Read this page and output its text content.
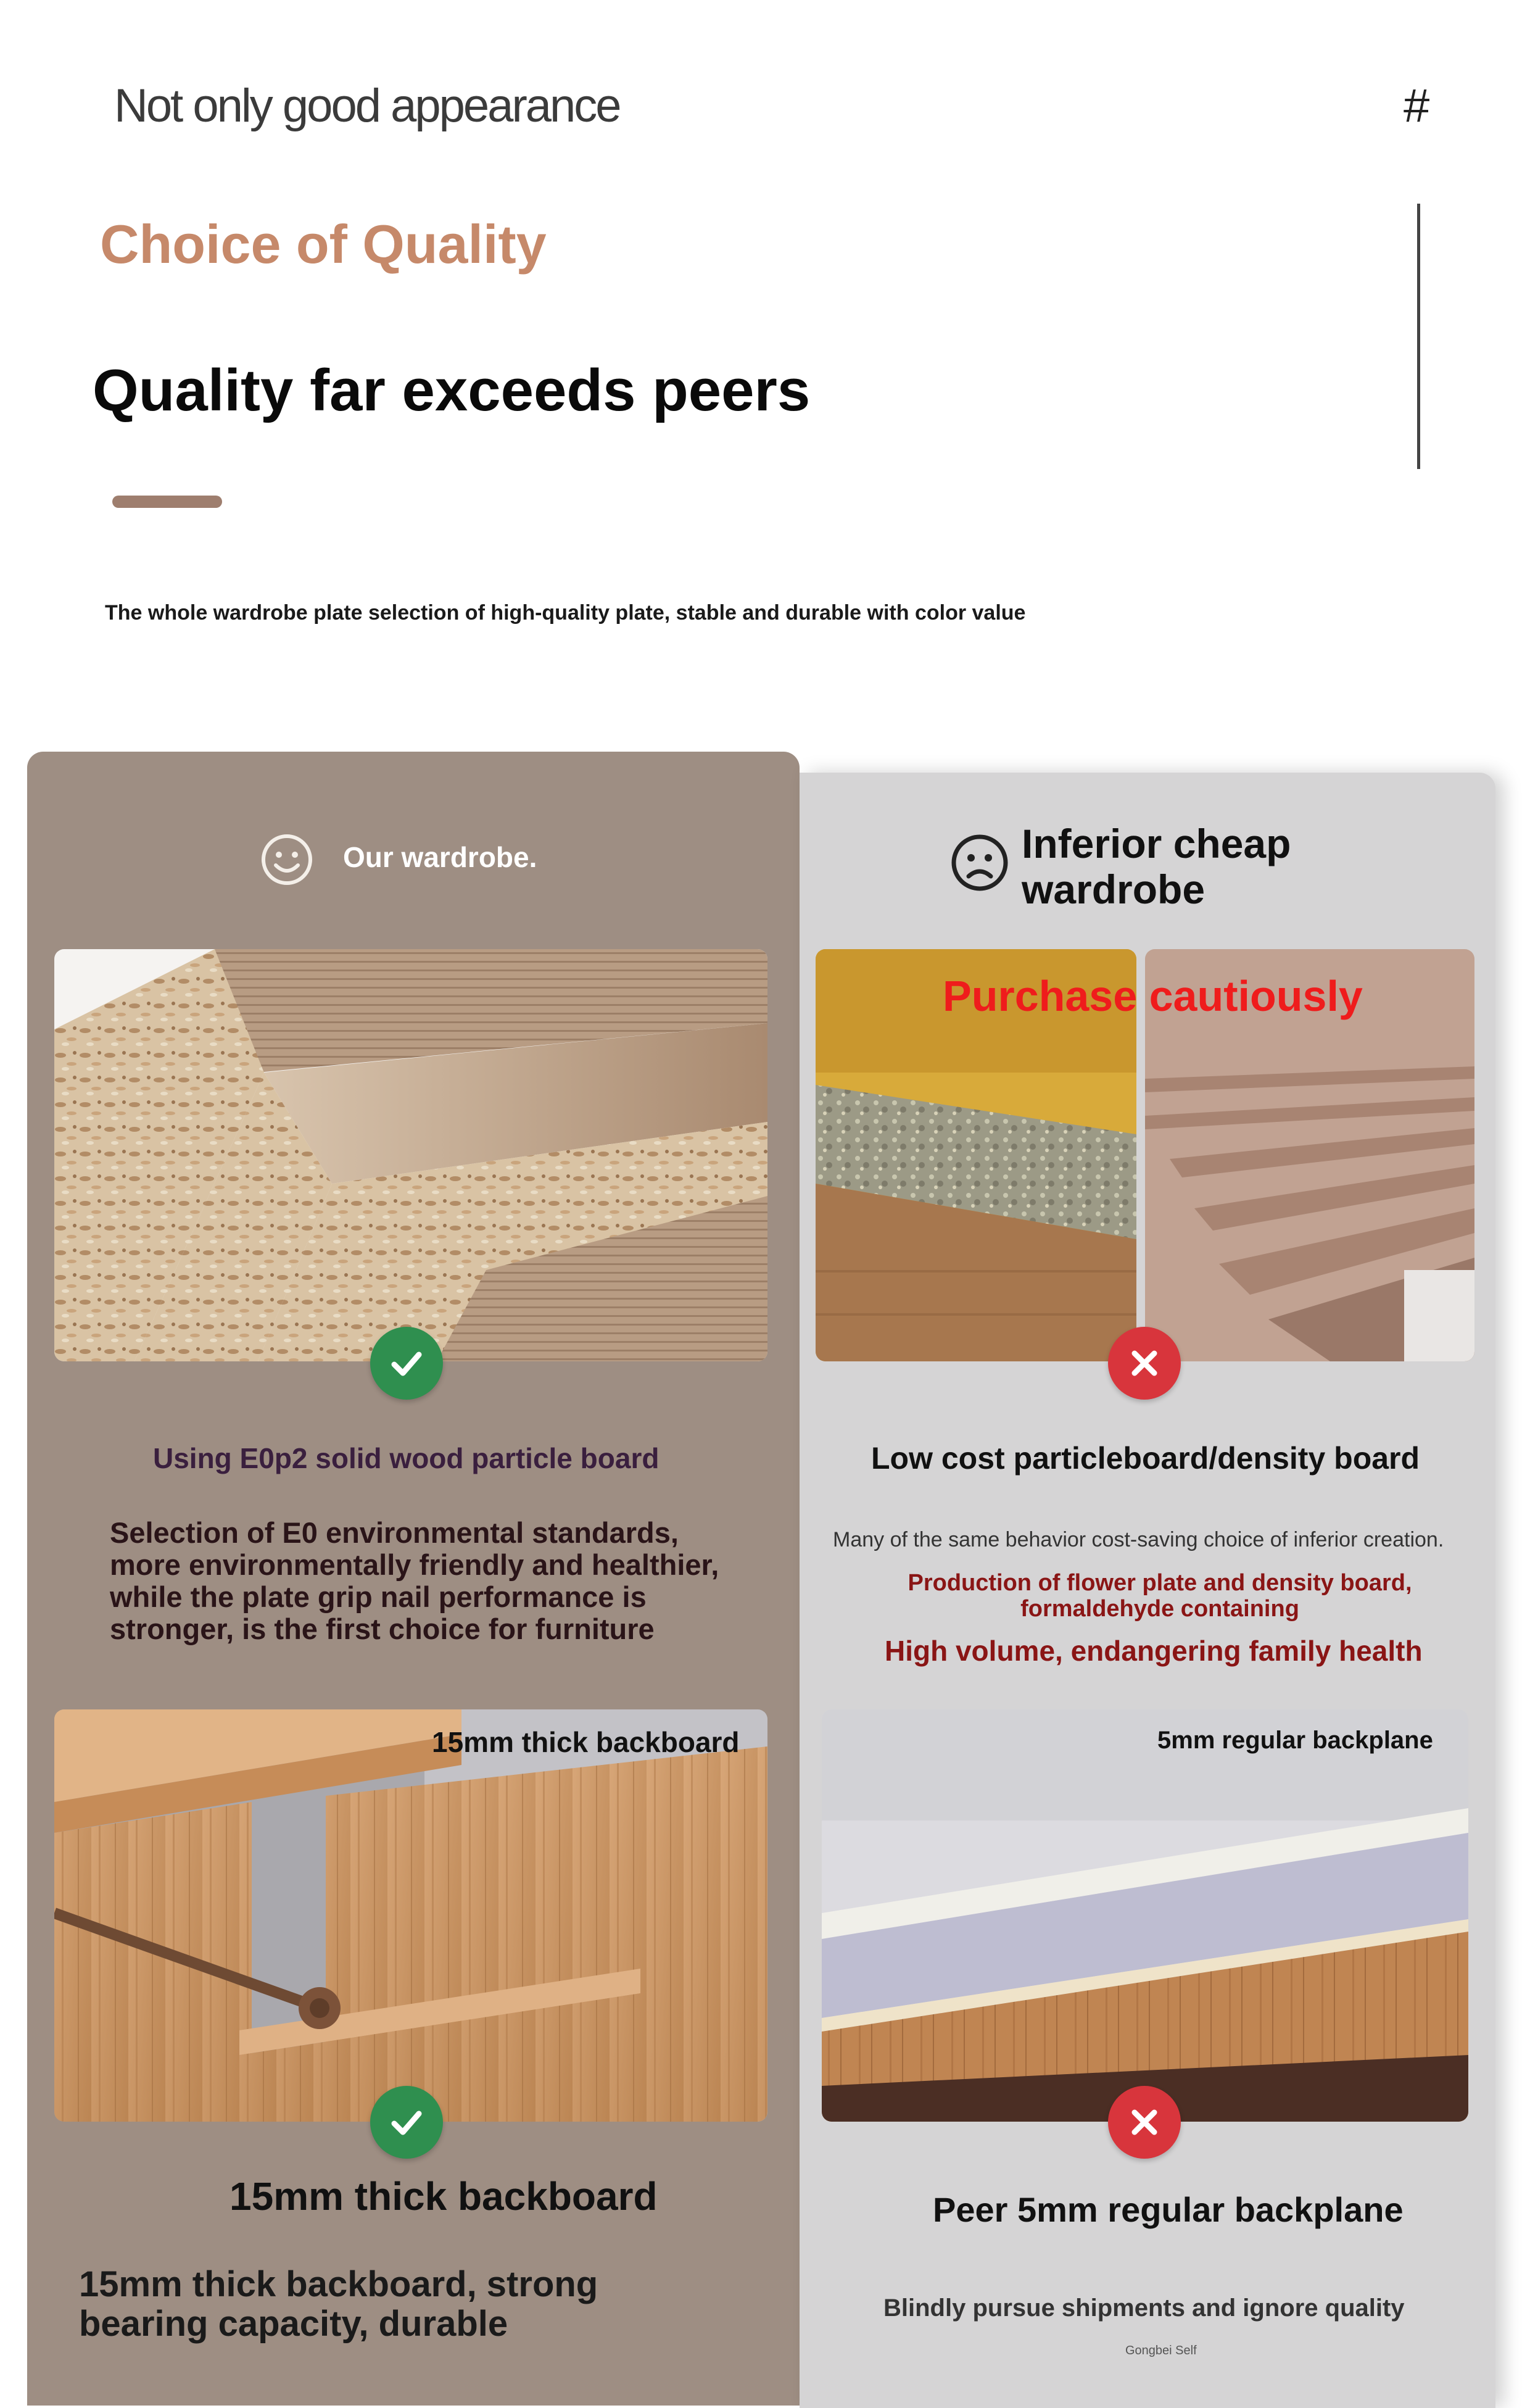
Not only good appearance	#
Choice of Quality
Quality far exceeds peers
The whole wardrobe plate selection of high-quality plate, stable and durable with color value
Our wardrobe.	Inferior cheap wardrobe
Purchase cautiously
Using E0p2 solid wood particle board
Selection of E0 environmental standards, more environmentally friendly and healthier, while the plate grip nail performance is stronger, is the first choice for furniture
Low cost particleboard/density board
Many of the same behavior cost-saving choice of inferior creation.
Production of flower plate and density board, formaldehyde containing
High volume, endangering family health
15mm thick backboard	5mm regular backplane
15mm thick backboard
15mm thick backboard, strong bearing capacity, durable
Peer 5mm regular backplane
Blindly pursue shipments and ignore quality
Gongbei Self
